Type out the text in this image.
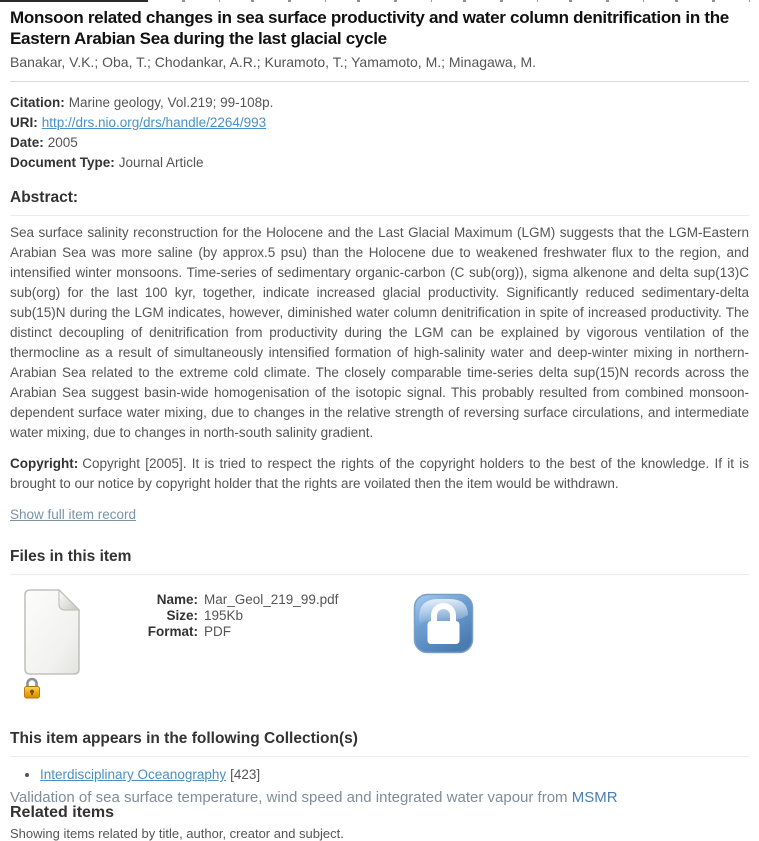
Monsoon related changes in sea surface productivity and water column denitrification in the Eastern Arabian Sea during the last glacial cycle
Banakar, V.K.; Oba, T.; Chodankar, A.R.; Kuramoto, T.; Yamamoto, M.; Minagawa, M.
Citation: Marine geology, Vol.219; 99-108p.
URI: http://drs.nio.org/drs/handle/2264/993
Date: 2005
Document Type: Journal Article
Abstract:

Sea surface salinity reconstruction for the Holocene and the Last Glacial Maximum (LGM) suggests that the LGM-Eastern Arabian Sea was more saline (by approx.5 psu) than the Holocene due to weakened freshwater flux to the region, and intensified winter monsoons. Time-series of sedimentary organic-carbon (C sub(org)), sigma alkenone and delta sup(13)C sub(org) for the last 100 kyr, together, indicate increased glacial productivity. Significantly reduced sedimentary-delta sub(15)N during the LGM indicates, however, diminished water column denitrification in spite of increased productivity. The distinct decoupling of denitrification from productivity during the LGM can be explained by vigorous ventilation of the thermocline as a result of simultaneously intensified formation of high-salinity water and deep-winter mixing in northern-Arabian Sea related to the extreme cold climate. The closely comparable time-series delta sup(15)N records across the Arabian Sea suggest basin-wide homogenisation of the isotopic signal. This probably resulted from combined monsoon-dependent surface water mixing, due to changes in the relative strength of reversing surface circulations, and intermediate water mixing, due to changes in north-south salinity gradient.

Copyright: Copyright [2005]. It is tried to respect the rights of the copyright holders to the best of the knowledge. If it is brought to our notice by copyright holder that the rights are voilated then the item would be withdrawn.

Show full item record
Files in this item
Name: Mar_Geol_219_99.pdf
Size: 195Kb
Format: PDF
This item appears in the following Collection(s)
• Interdisciplinary Oceanography [423]
Related items

Showing items related by title, author, creator and subject.

Validation of sea surface temperature, wind speed and integrated water vapour from MSMR
